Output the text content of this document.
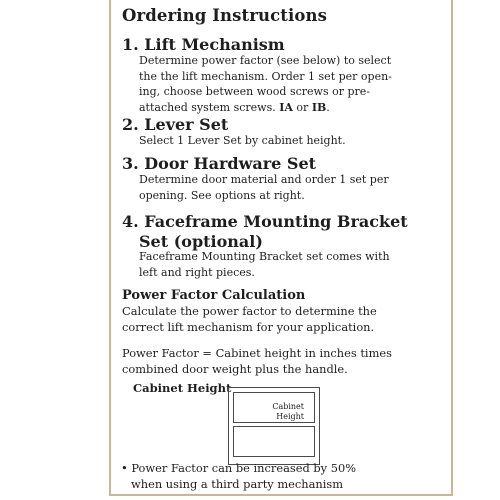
Ordering Instructions
1. Lift Mechanism
Determine power factor (see below) to select
the the lift mechanism. Order 1 set per open-
ing, choose between wood screws or pre-
attached system screws. IA or IB.
2. Lever Set
Select 1 Lever Set by cabinet height.
3. Door Hardware Set
Determine door material and order 1 set per
opening. See options at right.
4. Faceframe Mounting Bracket
Set (optional)
Faceframe Mounting Bracket set comes with
left and right pieces.
Power Factor Calculation
Calculate the power factor to determine the
correct lift mechanism for your application.
Power Factor = Cabinet height in inches times
combined door weight plus the handle.
Cabinet Height
Cabinet
Height
• Power Factor can be increased by 50%
when using a third party mechanism
